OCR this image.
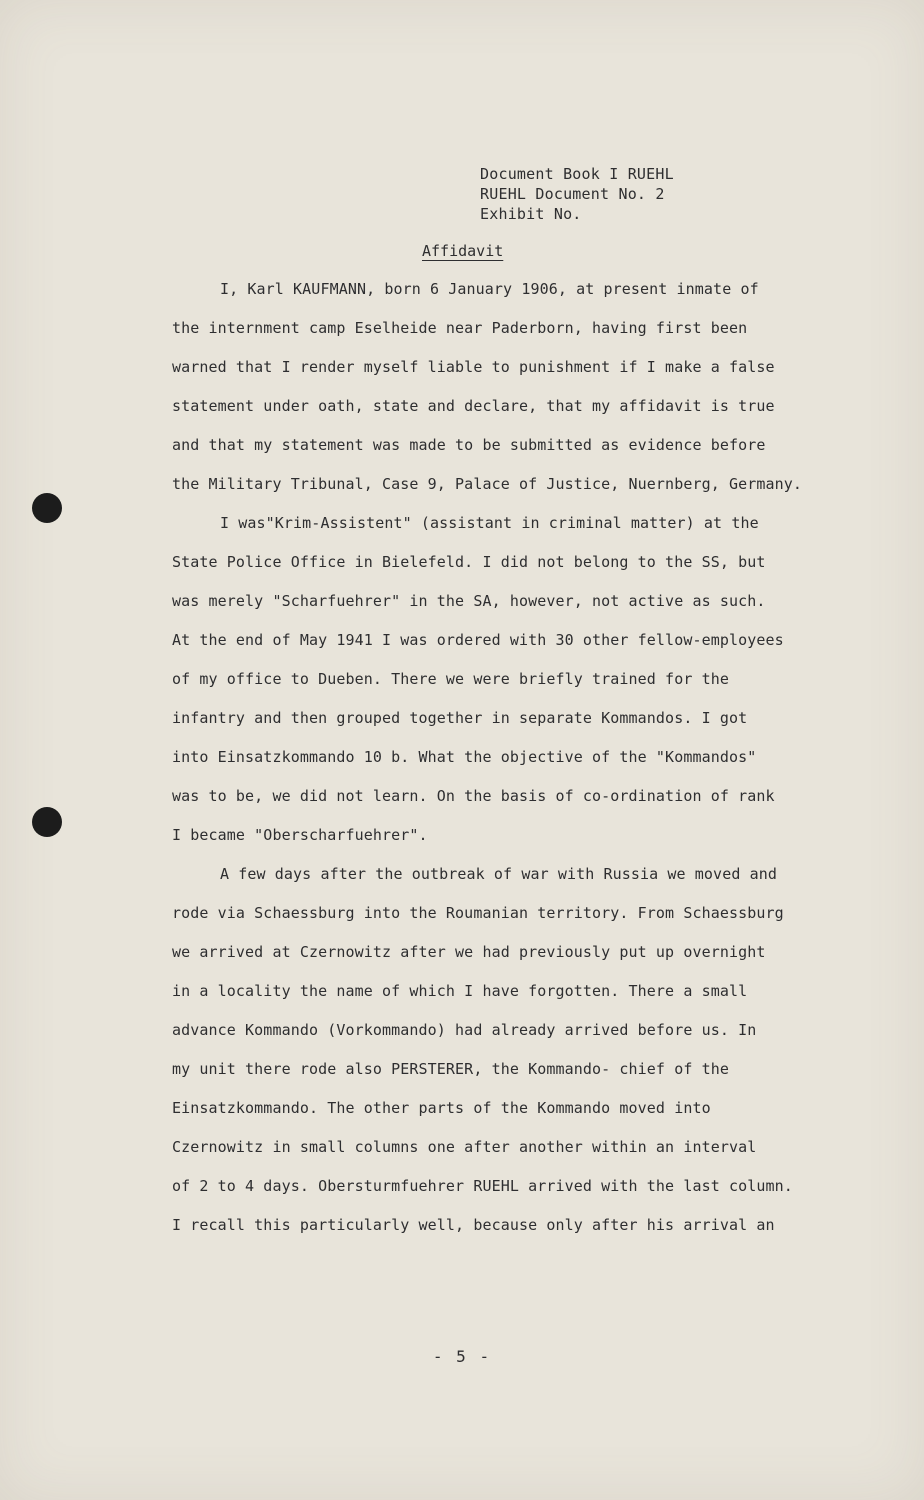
Document Book I RUEHL
RUEHL Document No. 2
Exhibit No.
Affidavit
I, Karl KAUFMANN, born 6 January 1906, at present inmate of
the internment camp Eselheide near Paderborn, having first been
warned that I render myself liable to punishment if I make a false
statement under oath, state and declare, that my affidavit is true
and that my statement was made to be submitted as evidence before
the Military Tribunal, Case 9, Palace of Justice, Nuernberg, Germany.
I was"Krim-Assistent" (assistant in criminal matter) at the
State Police Office in Bielefeld. I did not belong to the SS, but
was merely "Scharfuehrer" in the SA, however, not active as such.
At the end of May 1941 I was ordered with 30 other fellow-employees
of my office to Dueben. There we were briefly trained for the
infantry and then grouped together in separate Kommandos. I got
into Einsatzkommando 10 b. What the objective of the "Kommandos"
was to be, we did not learn. On the basis of co-ordination of rank
I became "Oberscharfuehrer".
A few days after the outbreak of war with Russia we moved and
rode via Schaessburg into the Roumanian territory. From Schaessburg
we arrived at Czernowitz after we had previously put up overnight
in a locality the name of which I have forgotten. There a small
advance Kommando (Vorkommando) had already arrived before us. In
my unit there rode also PERSTERER, the Kommando- chief of the
Einsatzkommando. The other parts of the Kommando moved into
Czernowitz in small columns one after another within an interval
of 2 to 4 days. Obersturmfuehrer RUEHL arrived with the last column.
I recall this particularly well, because only after his arrival an
- 5 -
